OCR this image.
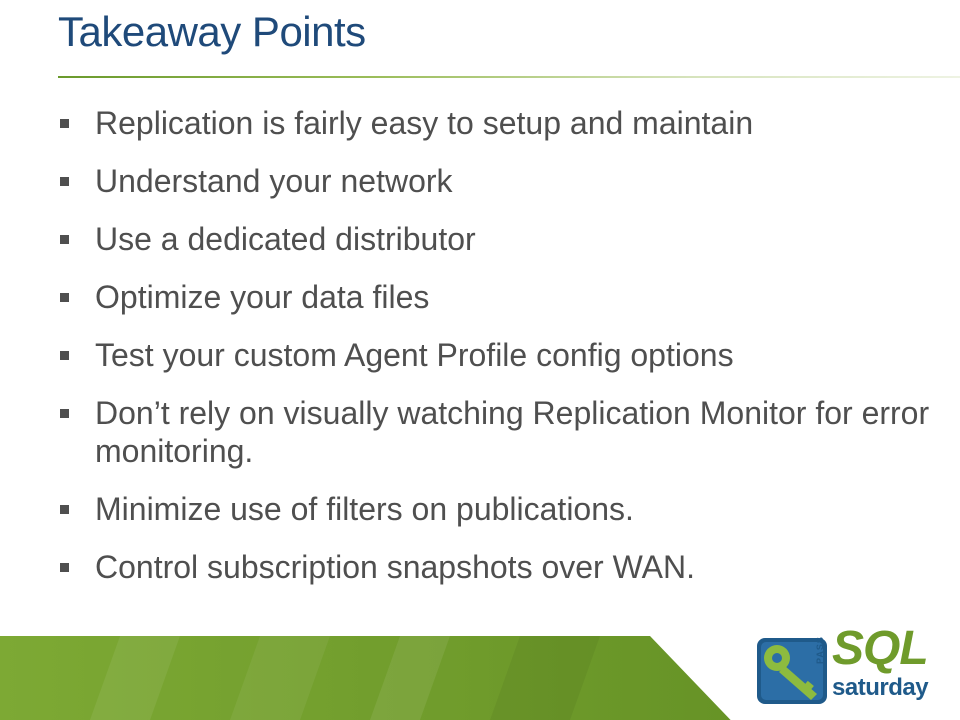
Takeaway Points
Replication is fairly easy to setup and maintain
Understand your network
Use a dedicated distributor
Optimize your data files
Test your custom Agent Profile config options
Don’t rely on visually watching Replication Monitor for error monitoring.
Minimize use of filters on publications.
Control subscription snapshots over WAN.
PASS SQL
saturday
